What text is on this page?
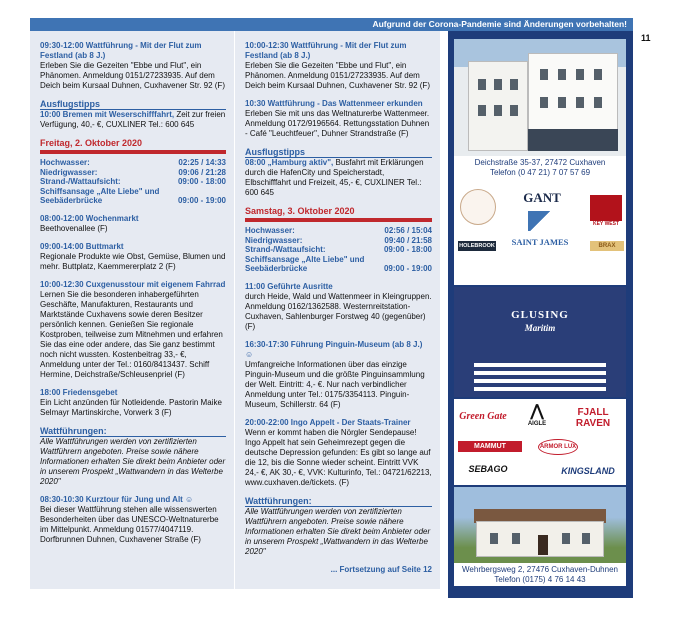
Aufgrund der Corona-Pandemie sind Änderungen vorbehalten!
11
09:30-12:00 Wattführung - Mit der Flut zum Festland (ab 8 J.)
Erleben Sie die Gezeiten "Ebbe und Flut", ein Phänomen. Anmeldung 0151/27233935. Auf dem Deich beim Kursaal Duhnen, Cuxhavener Str. 92 (F)
Ausflugstipps
10:00 Bremen mit Weserschifffahrt, Zeit zur freien Verfügung, 40,- €, CUXLINER Tel.: 600 645
Freitag, 2. Oktober 2020
Hochwasser:	02:25 / 14:33
Niedrigwasser:	09:06 / 21:28
Strand-/Wattaufsicht:	09:00 - 18:00
Schiffsansage „Alte Liebe" und Seebäderbrücke	09:00 - 19:00
08:00-12:00 Wochenmarkt
Beethovenallee (F)
09:00-14:00 Buttmarkt
Regionale Produkte wie Obst, Gemüse, Blumen und mehr. Buttplatz, Kaemmererplatz 2 (F)
10:00-12:30 Cuxgenusstour mit eigenem Fahrrad
Lernen Sie die besonderen inhabergeführten Geschäfte, Manufakturen, Restaurants und Marktstände Cuxhavens sowie deren Besitzer persönlich kennen. Genießen Sie regionale Kostproben, teilweise zum Mitnehmen und erfahren Sie das eine oder andere, das Sie ganz bestimmt noch nicht wussten. Kostenbeitrag 33,- €, Anmeldung unter der Tel.: 0160/8413437. Schiff Hermine, Deichstraße/Schleusenpriel (F)
18:00 Friedensgebet
Ein Licht anzünden für Notleidende. Pastorin Maike Selmayr Martinskirche, Vorwerk 3 (F)
Wattführungen:
Alle Wattführungen werden von zertifizierten Wattführern angeboten. Preise sowie nähere Informationen erhalten Sie direkt beim Anbieter oder in unserem Prospekt „Wattwandern in das Welterbe 2020"
08:30-10:30 Kurztour für Jung und Alt ☺
Bei dieser Wattführung stehen alle wissenswerten Besonderheiten über das UNESCO-Weltnaturerbe im Mittelpunkt. Anmeldung 01577/4047119. Dorfbrunnen Duhnen, Cuxhavener Straße (F)
10:00-12:30 Wattführung - Mit der Flut zum Festland (ab 8 J.)
Erleben Sie die Gezeiten "Ebbe und Flut", ein Phänomen. Anmeldung 0151/27233935. Auf dem Deich beim Kursaal Duhnen, Cuxhavener Str. 92 (F)
10:30 Wattführung - Das Wattenmeer erkunden
Erleben Sie mit uns das Weltnaturerbe Wattenmeer. Anmeldung 0172/9196564. Rettungsstation Duhnen - Café "Leuchtfeuer", Duhner Strandstraße (F)
Ausflugstipps
08:00 „Hamburg aktiv", Busfahrt mit Erklärungen durch die HafenCity und Speicherstadt, Elbschifffahrt und Freizeit, 45,- €, CUXLINER Tel.: 600 645
Samstag, 3. Oktober 2020
Hochwasser:	02:56 / 15:04
Niedrigwasser:	09:40 / 21:58
Strand-/Wattaufsicht:	09:00 - 18:00
Schiffsansage „Alte Liebe" und Seebäderbrücke	09:00 - 19:00
11:00 Geführte Ausritte
durch Heide, Wald und Wattenmeer in Kleingruppen. Anmeldung 0162/1362588. Westernreitstation-Cuxhaven, Sahlenburger Forstweg 40 (gegenüber) (F)
16:30-17:30 Führung Pinguin-Museum (ab 8 J.) ☺
Umfangreiche Informationen über das einzige Pinguin-Museum und die größte Pinguinsammlung der Welt. Eintritt: 4,- €. Nur nach verbindlicher Anmeldung unter Tel.: 0175/3354113. Pinguin-Museum, Schillerstr. 64 (F)
20:00-22:00 Ingo Appelt - Der Staats-Trainer
Wenn er kommt haben die Nörgler Sendepause! Ingo Appelt hat sein Geheimrezept gegen die deutsche Depression gefunden: Es gibt so lange auf die 12, bis die Sonne wieder scheint. Eintritt VVK 24,- €, AK 30,- €, VVK: Kulturinfo, Tel.: 04721/62213, www.cuxhaven.de/tickets. (F)
Wattführungen:
Alle Wattführungen werden von zertifizierten Wattführern angeboten. Preise sowie nähere Informationen erhalten Sie direkt beim Anbieter oder in unserem Prospekt „Wattwandern in das Welterbe 2020"
... Fortsetzung auf Seite 12
Deichstraße 35-37, 27472 Cuxhaven
Telefon (0 47 21) 7 07 57 69
GANT
KEY WEST
SAINT JAMES
HOLEBROOK	BRAX
GLUSING
Maritim
Green Gate	⋀
AIGLE
FJALL RAVEN
MAMMUT	ARMOR LUX
SEBAGO	KINGSLAND
Wehrbergsweg 2, 27476 Cuxhaven-Duhnen
Telefon (0175) 4 76 14 43
